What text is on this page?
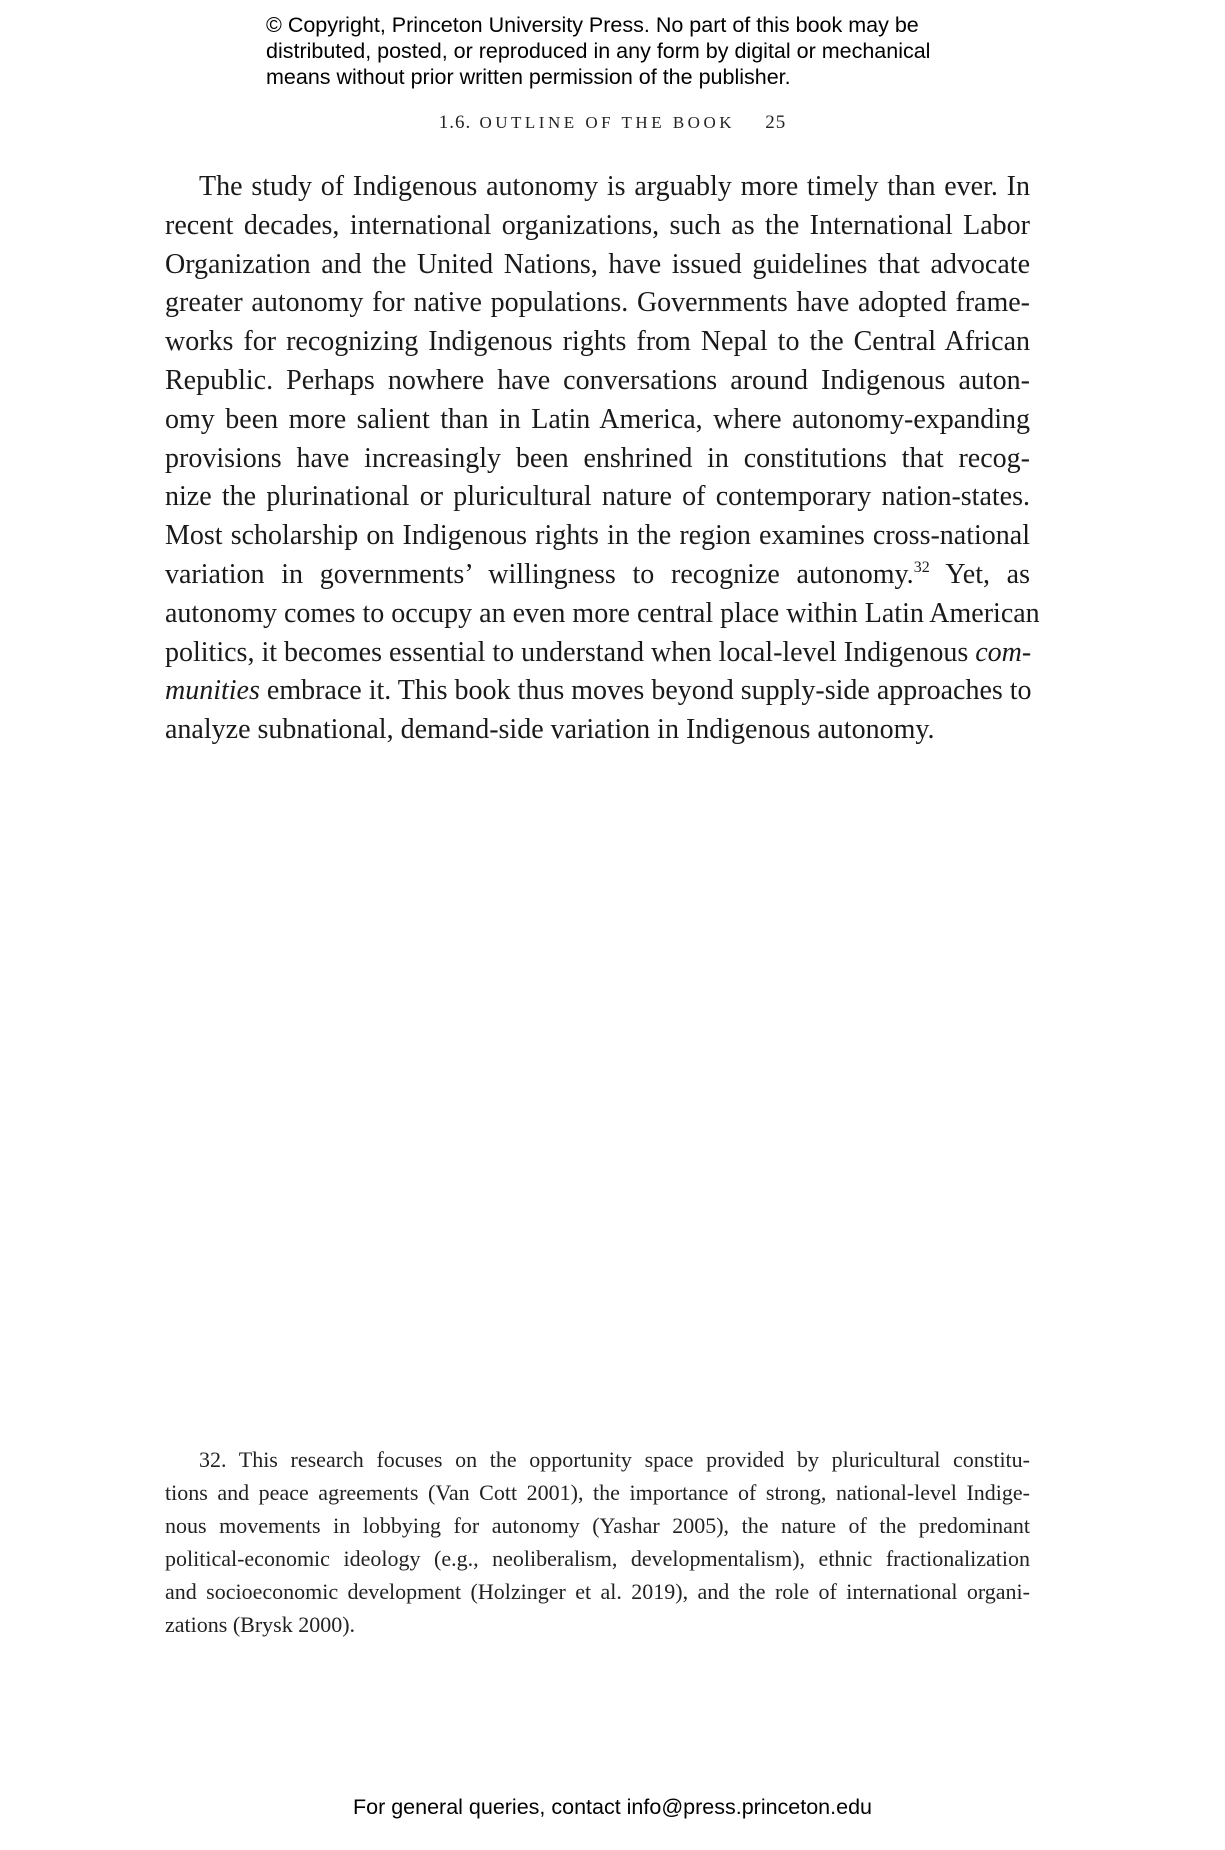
© Copyright, Princeton University Press. No part of this book may be
distributed, posted, or reproduced in any form by digital or mechanical
means without prior written permission of the publisher.
1.6. OUTLINE OF THE BOOK 25
The study of Indigenous autonomy is arguably more timely than ever. In
recent decades, international organizations, such as the International Labor
Organization and the United Nations, have issued guidelines that advocate
greater autonomy for native populations. Governments have adopted frame-
works for recognizing Indigenous rights from Nepal to the Central African
Republic. Perhaps nowhere have conversations around Indigenous auton-
omy been more salient than in Latin America, where autonomy-expanding
provisions have increasingly been enshrined in constitutions that recog-
nize the plurinational or pluricultural nature of contemporary nation-states.
Most scholarship on Indigenous rights in the region examines cross-national
variation in governments’ willingness to recognize autonomy.$^{32}$ Yet, as
autonomy comes to occupy an even more central place within Latin American
politics, it becomes essential to understand when local-level Indigenous com-
munities embrace it. This book thus moves beyond supply-side approaches to
analyze subnational, demand-side variation in Indigenous autonomy.
32. This research focuses on the opportunity space provided by pluricultural constitu-
tions and peace agreements (Van Cott 2001), the importance of strong, national-level Indige-
nous movements in lobbying for autonomy (Yashar 2005), the nature of the predominant
political-economic ideology (e.g., neoliberalism, developmentalism), ethnic fractionalization
and socioeconomic development (Holzinger et al. 2019), and the role of international organi-
zations (Brysk 2000).
For general queries, contact info@press.princeton.edu
